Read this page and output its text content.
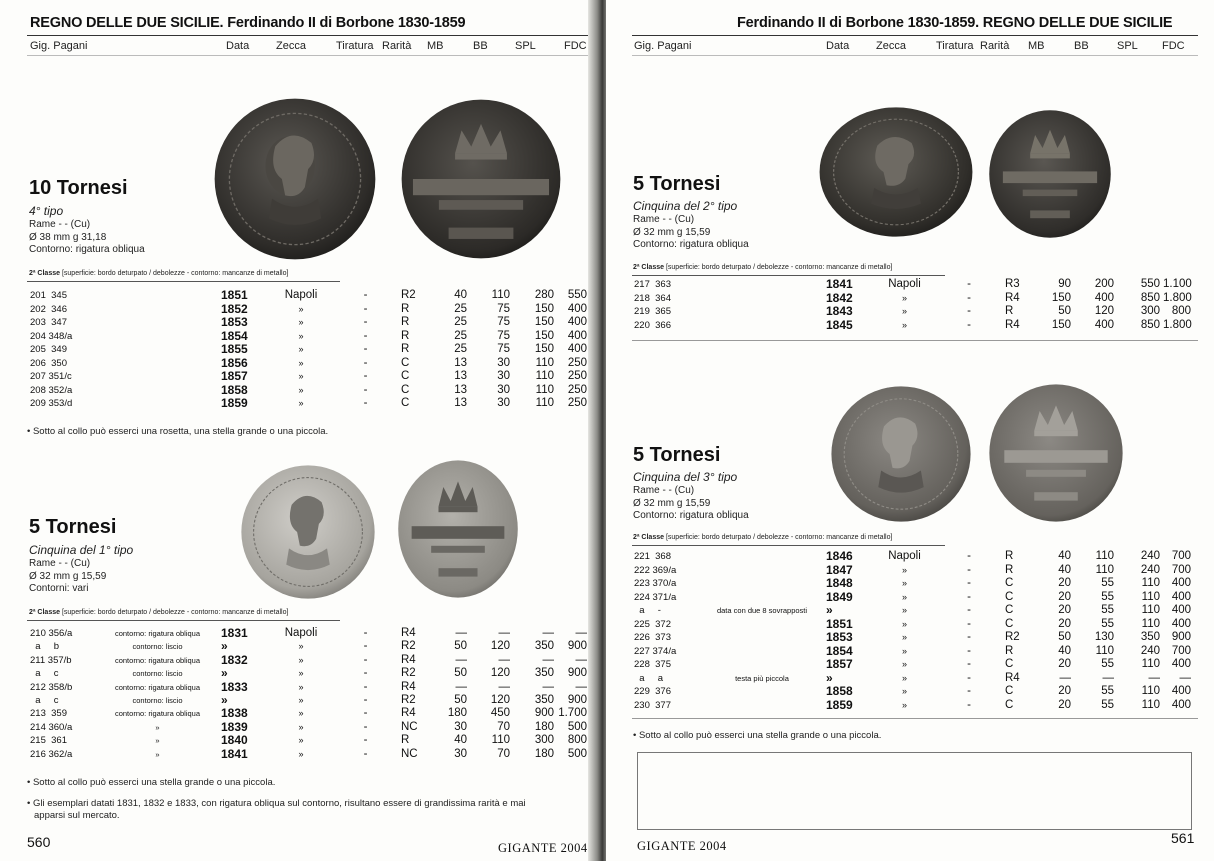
REGNO DELLE DUE SICILIE. Ferdinando II di Borbone 1830-1859
Gig. Pagani	Data Zecca	Tiratura Rarità MB	BB SPL	FDC
10 Tornesi
4° tipo
Rame - - (Cu)
Ø 38 mm g 31,18
Contorno: rigatura obliqua
2ª Classe [superficie: bordo deturpato / debolezze - contorno: mancanze di metallo]
201  345	1851	Napoli	-	R2	40	110	280	550
202  346	1852	»	-	R	25	75	150	400
203  347	1853	»	-	R	25	75	150	400
204 348/a	1854	»	-	R	25	75	150	400
205  349	1855	»	-	R	25	75	150	400
206  350	1856	»	-	C	13	30	110	250
207 351/c	1857	»	-	C	13	30	110	250
208 352/a	1858	»	-	C	13	30	110	250
209 353/d	1859	»	-	C	13	30	110	250
• Sotto al collo può esserci una rosetta, una stella grande o una piccola.
5 Tornesi
Cinquina del 1° tipo
Rame - - (Cu)
Ø 32 mm g 15,59
Contorni: vari
2ª Classe [superficie: bordo deturpato / debolezze - contorno: mancanze di metallo]
210 356/a	contorno: rigatura obliqua	1831	Napoli	-	R4	—	—	—	—
a     b	contorno: liscio	»	»	-	R2	50	120	350	900
211 357/b	contorno: rigatura obliqua	1832	»	-	R4	—	—	—	—
a     c	contorno: liscio	»	»	-	R2	50	120	350	900
212 358/b	contorno: rigatura obliqua	1833	»	-	R4	—	—	—	—
a     c	contorno: liscio	»	»	-	R2	50	120	350	900
213  359	contorno: rigatura obliqua	1838	»	-	R4	180	450	900	1.700
214 360/a	»	1839	»	-	NC	30	70	180	500
215  361	»	1840	»	-	R	40	110	300	800
216 362/a	»	1841	»	-	NC	30	70	180	500
• Sotto al collo può esserci una stella grande o una piccola.
• Gli esemplari datati 1831, 1832 e 1833, con rigatura obliqua sul contorno, risultano essere di grandissima rarità e mai
apparsi sul mercato.
560	GIGANTE 2004
Ferdinando II di Borbone 1830-1859. REGNO DELLE DUE SICILIE
Gig. Pagani	Data Zecca	Tiratura Rarità MB	BB	SPL FDC
5 Tornesi
Cinquina del 2° tipo
Rame - - (Cu)
Ø 32 mm g 15,59
Contorno: rigatura obliqua
2ª Classe [superficie: bordo deturpato / debolezze - contorno: mancanze di metallo]
217  363	1841	Napoli	-	R3	90	200	550	1.100
218  364	1842	»	-	R4	150	400	850	1.800
219  365	1843	»	-	R	50	120	300	800
220  366	1845	»	-	R4	150	400	850	1.800
5 Tornesi
Cinquina del 3° tipo
Rame - - (Cu)
Ø 32 mm g 15,59
Contorno: rigatura obliqua
2ª Classe [superficie: bordo deturpato / debolezze - contorno: mancanze di metallo]
221  368		1846	Napoli	-	R	40	110	240	700
222 369/a		1847	»	-	R	40	110	240	700
223 370/a		1848	»	-	C	20	55	110	400
224 371/a		1849	»	-	C	20	55	110	400
a     -	data con due 8 sovrapposti	»	»	-	C	20	55	110	400
225  372		1851	»	-	C	20	55	110	400
226  373		1853	»	-	R2	50	130	350	900
227 374/a		1854	»	-	R	40	110	240	700
228  375		1857	»	-	C	20	55	110	400
a     a	testa più piccola	»	»	-	R4	—	—	—	—
229  376		1858	»	-	C	20	55	110	400
230  377		1859	»	-	C	20	55	110	400
• Sotto al collo può esserci una stella grande o una piccola.
GIGANTE 2004	561
